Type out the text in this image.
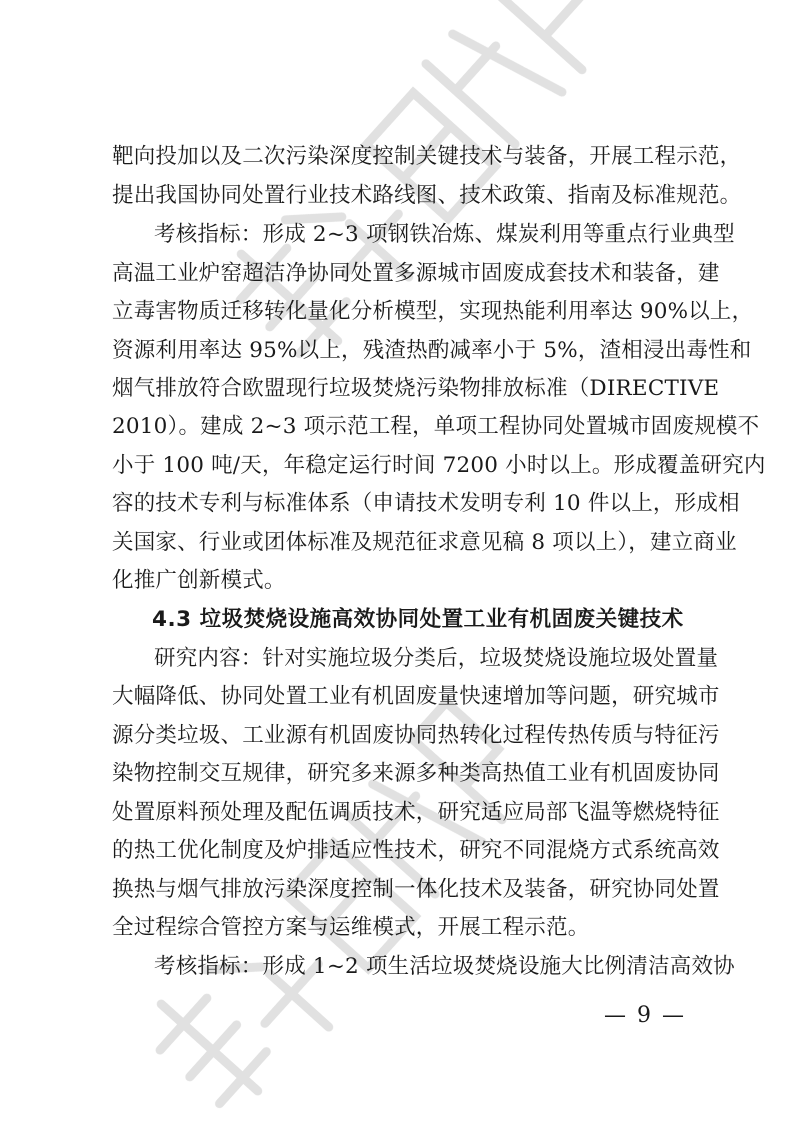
靶向投加以及二次污染深度控制关键技术与装备，开展工程示范，
提出我国协同处置行业技术路线图、技术政策、指南及标准规范。
考核指标：形成 2~3 项钢铁冶炼、煤炭利用等重点行业典型
高温工业炉窑超洁净协同处置多源城市固废成套技术和装备，建
立毒害物质迁移转化量化分析模型，实现热能利用率达 90%以上，
资源利用率达 95%以上，残渣热酌减率小于 5%，渣相浸出毒性和
烟气排放符合欧盟现行垃圾焚烧污染物排放标准（DIRECTIVE
2010）。建成 2~3 项示范工程，单项工程协同处置城市固废规模不
小于 100 吨/天，年稳定运行时间 7200 小时以上。形成覆盖研究内
容的技术专利与标准体系（申请技术发明专利 10 件以上，形成相
关国家、行业或团体标准及规范征求意见稿 8 项以上），建立商业
化推广创新模式。
4.3 垃圾焚烧设施高效协同处置工业有机固废关键技术
研究内容：针对实施垃圾分类后，垃圾焚烧设施垃圾处置量
大幅降低、协同处置工业有机固废量快速增加等问题，研究城市
源分类垃圾、工业源有机固废协同热转化过程传热传质与特征污
染物控制交互规律，研究多来源多种类高热值工业有机固废协同
处置原料预处理及配伍调质技术，研究适应局部飞温等燃烧特征
的热工优化制度及炉排适应性技术，研究不同混烧方式系统高效
换热与烟气排放污染深度控制一体化技术及装备，研究协同处置
全过程综合管控方案与运维模式，开展工程示范。
考核指标：形成 1~2 项生活垃圾焚烧设施大比例清洁高效协
— 9 —
